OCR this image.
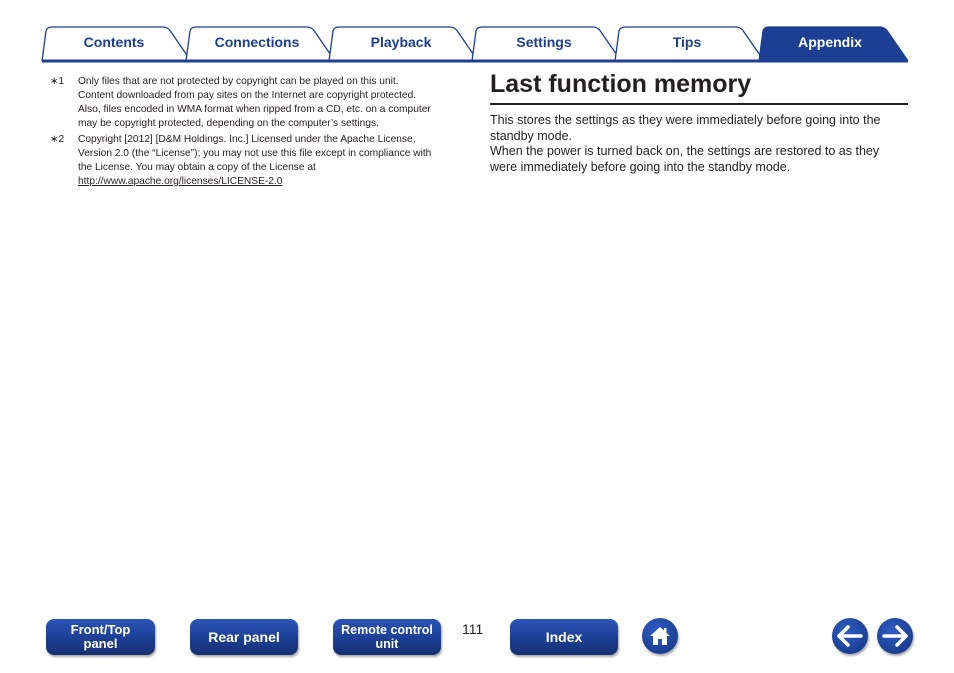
Contents	Connections	Playback	Settings	Tips	Appendix
∗1	Only files that are not protected by copyright can be played on this unit.
Content downloaded from pay sites on the Internet are copyright protected.
Also, files encoded in WMA format when ripped from a CD, etc. on a computer
may be copyright protected, depending on the computer’s settings.
∗2	Copyright [2012] [D&M Holdings. Inc.] Licensed under the Apache License,
Version 2.0 (the “License”); you may not use this file except in compliance with
the License. You may obtain a copy of the License at
http://www.apache.org/licenses/LICENSE-2.0
Last function memory

This stores the settings as they were immediately before going into the standby mode.

When the power is turned back on, the settings are restored to as they were immediately before going into the standby mode.

Front/Top
panel	Rear panel	Remote control
unit
111	Index
